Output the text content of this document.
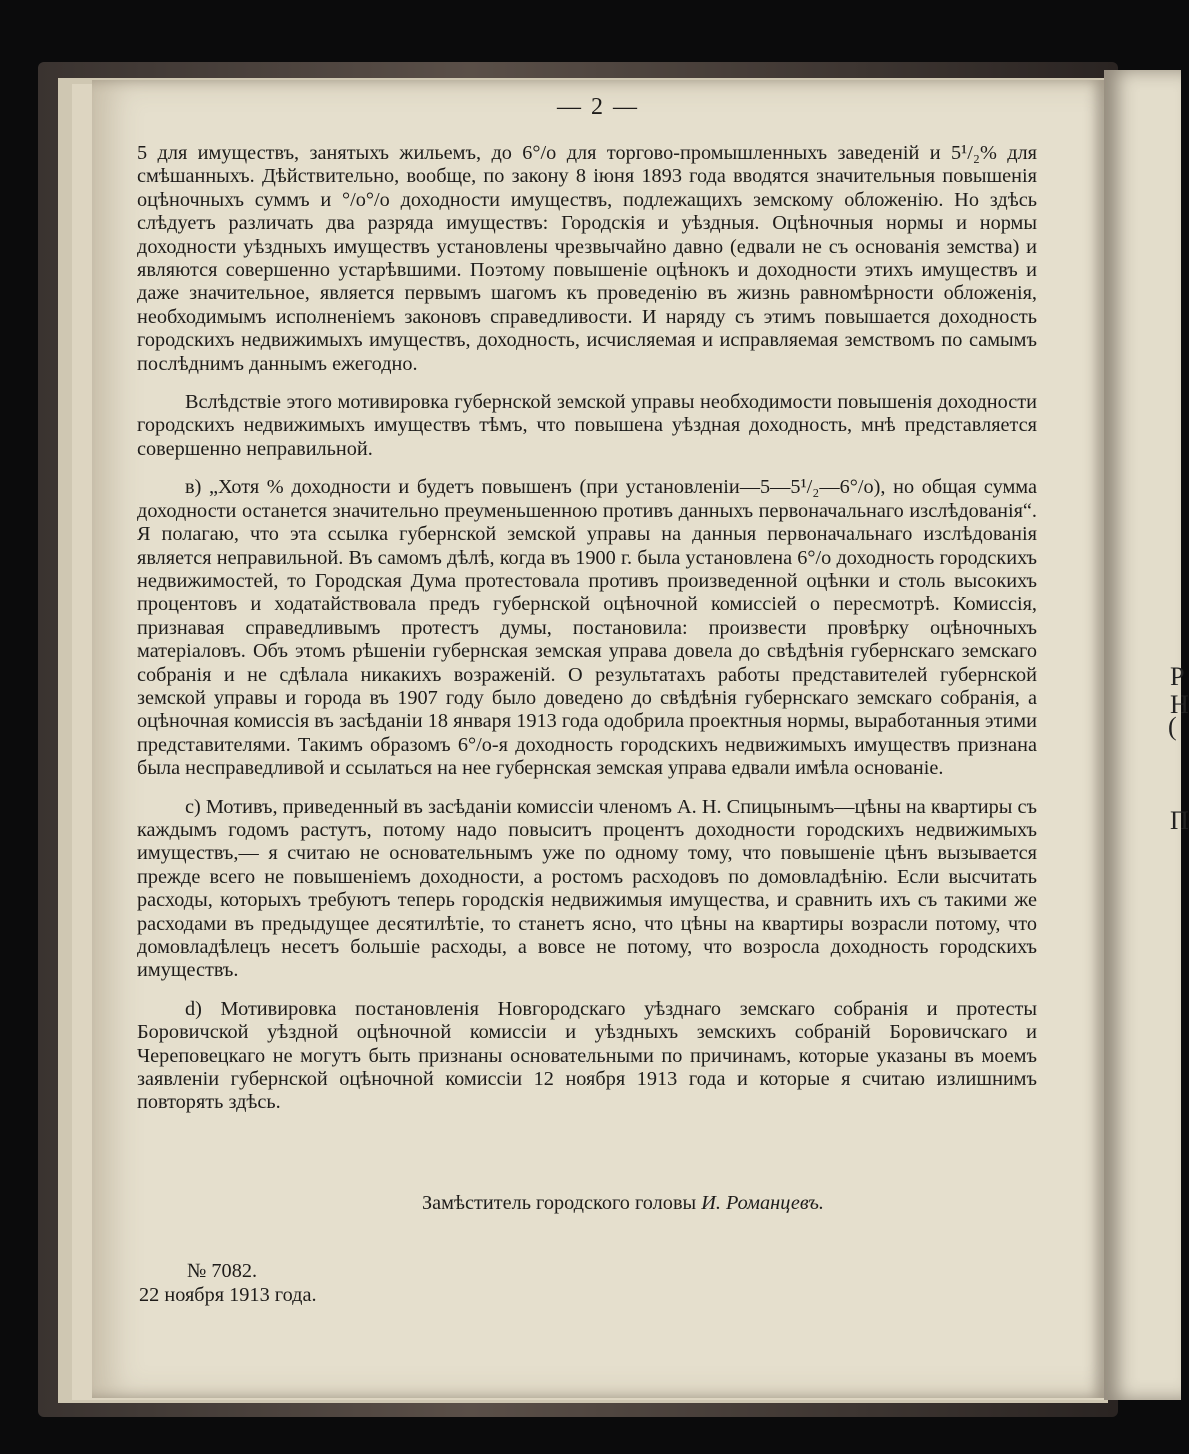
Р
Н
(
П
— 2 —

5 для имуществъ, занятыхъ жильемъ, до 6°/о для торгово-промышленныхъ заведенiй и 5¹/₂% для смѣшанныхъ. Дѣйствительно, вообще, по закону 8 iюня 1893 года вводятся значительныя повышенiя оцѣночныхъ суммъ и °/о°/о доходности имуществъ, подлежащихъ земскому обложенiю. Но здѣсь слѣдуетъ различать два разряда имуществъ: Городскiя и уѣздныя. Оцѣночныя нормы и нормы доходности уѣздныхъ имуществъ установлены чрезвычайно давно (едвали не съ основанiя земства) и являются совершенно устарѣвшими. Поэтому повышенiе оцѣнокъ и доходности этихъ имуществъ и даже значительное, является первымъ шагомъ къ проведенiю въ жизнь равномѣрности обложенiя, необходимымъ исполненiемъ законовъ справедливости. И наряду съ этимъ повышается доходность городскихъ недвижимыхъ имуществъ, доходность, исчисляемая и исправляемая земствомъ по самымъ послѣднимъ даннымъ ежегодно.

Вслѣдствiе этого мотивировка губернской земской управы необходимости повышенiя доходности городскихъ недвижимыхъ имуществъ тѣмъ, что повышена уѣздная доходность, мнѣ представляется совершенно неправильной.

в) „Хотя % доходности и будетъ повышенъ (при установленiи—5—5¹/₂—6°/о), но общая сумма доходности останется значительно преуменьшенною противъ данныхъ первоначальнаго изслѣдованiя“. Я полагаю, что эта ссылка губернской земской управы на данныя первоначальнаго изслѣдованiя является неправильной. Въ самомъ дѣлѣ, когда въ 1900 г. была установлена 6°/о доходность городскихъ недвижимостей, то Городская Дума протестовала противъ произведенной оцѣнки и столь высокихъ процентовъ и ходатайствовала предъ губернской оцѣночной комиссiей о пересмотрѣ. Комиссiя, признавая справедливымъ протестъ думы, постановила: произвести провѣрку оцѣночныхъ матерiаловъ. Объ этомъ рѣшенiи губернская земская управа довела до свѣдѣнiя губернскаго земскаго собранiя и не сдѣлала никакихъ возраженiй. О результатахъ работы представителей губернской земской управы и города въ 1907 году было доведено до свѣдѣнiя губернскаго земскаго собранiя, а оцѣночная комиссiя въ засѣданiи 18 января 1913 года одобрила проектныя нормы, выработанныя этими представителями. Такимъ образомъ 6°/о-я доходность городскихъ недвижимыхъ имуществъ признана была несправедливой и ссылаться на нее губернская земская управа едвали имѣла основанiе.

с) Мотивъ, приведенный въ засѣданiи комиссiи членомъ А. Н. Спицынымъ—цѣны на квартиры съ каждымъ годомъ растутъ, потому надо повыситъ процентъ доходности городскихъ недвижимыхъ имуществъ,— я считаю не основательнымъ уже по одному тому, что повышенiе цѣнъ вызывается прежде всего не повышенiемъ доходности, а ростомъ расходовъ по домовладѣнiю. Если высчитать расходы, которыхъ требуютъ теперь городскiя недвижимыя имущества, и сравнить ихъ съ такими же расходами въ предыдущее десятилѣтiе, то станетъ ясно, что цѣны на квартиры возрасли потому, что домовладѣлецъ несетъ большiе расходы, а вовсе не потому, что возросла доходность городскихъ имуществъ.

d) Мотивировка постановленiя Новгородскаго уѣзднаго земскаго собранiя и протесты Боровичской уѣздной оцѣночной комиссiи и уѣздныхъ земскихъ собранiй Боровичскаго и Череповецкаго не могутъ быть признаны основательными по причинамъ, которые указаны въ моемъ заявленiи губернской оцѣночной комиссiи 12 ноября 1913 года и которые я считаю излишнимъ повторять здѣсь.

Замѣститель городского головы И. Романцевъ.
№ 7082.
22 ноября 1913 года.
